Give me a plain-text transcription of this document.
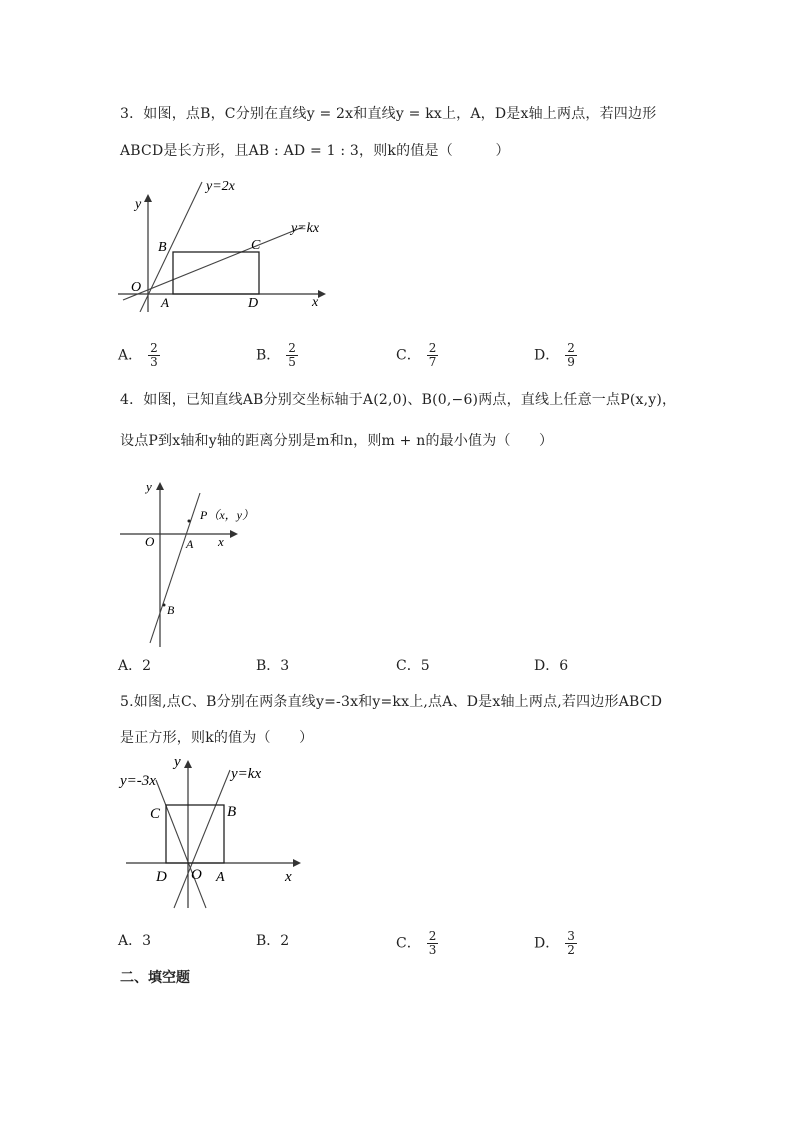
3．如图，点B，C分别在直线y = 2x和直线y = kx上，A，D是x轴上两点，若四边形
ABCD是长方形，且AB : AD = 1 : 3，则k的值是（　　　）
y=2x
y=kx
y
x
O
A
B	C
D
A． $\frac{2}{3}$	B． $\frac{2}{5}$	C． $\frac{2}{7}$	D． $\frac{2}{9}$
4．如图，已知直线AB分别交坐标轴于A(2,0)、B(0,−6)两点，直线上任意一点P(x,y)，
设点P到x轴和y轴的距离分别是m和n，则m + n的最小值为（　　）
y
x
O	A
B
P（x，y）
A．2	B．3	C．5	D．6
5.如图,点C、B分别在两条直线y=-3x和y=kx上,点A、D是x轴上两点,若四边形ABCD
是正方形，则k的值为（　　）
y=-3x	y=kx
y
x
O A
B
C
D
A．3	B．2	C． $\frac{2}{3}$	D． $\frac{3}{2}$
二、填空题
